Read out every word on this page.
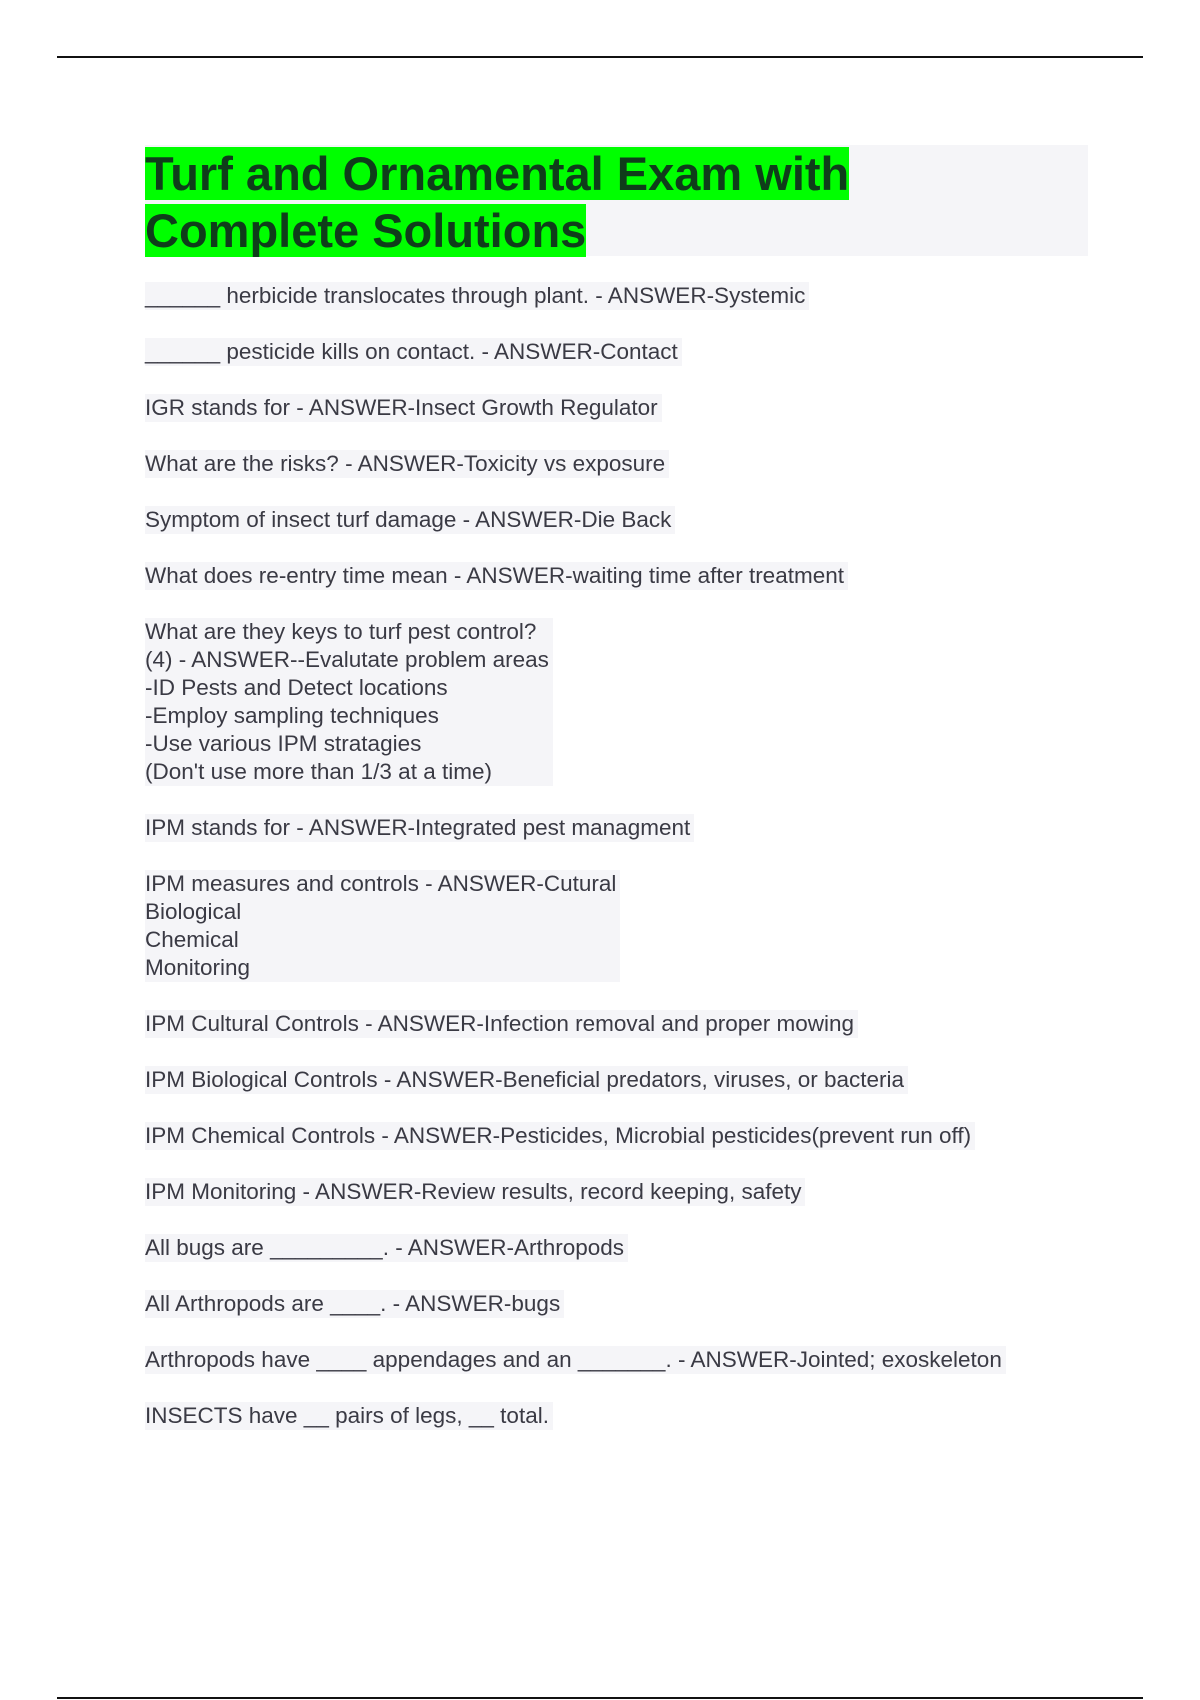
Turf and Ornamental Exam with Complete Solutions
______ herbicide translocates through plant. - ANSWER-Systemic
______ pesticide kills on contact. - ANSWER-Contact
IGR stands for - ANSWER-Insect Growth Regulator
What are the risks? - ANSWER-Toxicity vs exposure
Symptom of insect turf damage - ANSWER-Die Back
What does re-entry time mean - ANSWER-waiting time after treatment
What are they keys to turf pest control?
(4) - ANSWER--Evalutate problem areas
-ID Pests and Detect locations
-Employ sampling techniques
-Use various IPM stratagies
(Don't use more than 1/3 at a time)
IPM stands for - ANSWER-Integrated pest managment
IPM measures and controls - ANSWER-Cutural
Biological
Chemical
Monitoring
IPM Cultural Controls - ANSWER-Infection removal and proper mowing
IPM Biological Controls - ANSWER-Beneficial predators, viruses, or bacteria
IPM Chemical Controls - ANSWER-Pesticides, Microbial pesticides(prevent run off)
IPM Monitoring - ANSWER-Review results, record keeping, safety
All bugs are _________. - ANSWER-Arthropods
All Arthropods are ____. - ANSWER-bugs
Arthropods have ____ appendages and an _______. - ANSWER-Jointed; exoskeleton
INSECTS have __ pairs of legs, __ total.
